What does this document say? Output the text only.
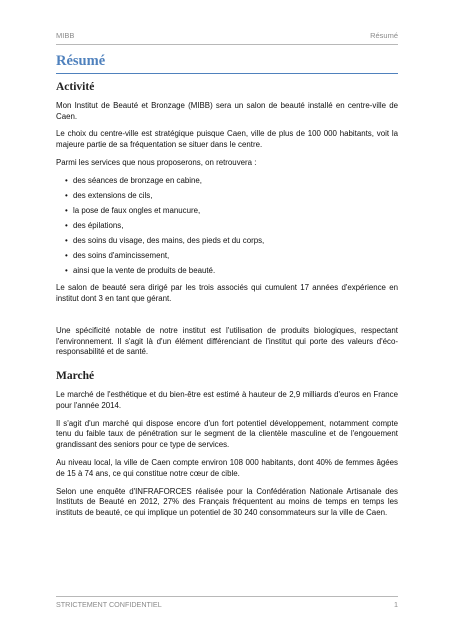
MIBB	Résumé
Résumé
Activité

Mon Institut de Beauté et Bronzage (MIBB) sera un salon de beauté installé en centre-ville de Caen.

Le choix du centre-ville est stratégique puisque Caen, ville de plus de 100 000 habitants, voit la majeure partie de sa fréquentation se situer dans le centre.

Parmi les services que nous proposerons, on retrouvera :

• des séances de bronzage en cabine,
• des extensions de cils,
• la pose de faux ongles et manucure,
• des épilations,
• des soins du visage, des mains, des pieds et du corps,
• des soins d'amincissement,
• ainsi que la vente de produits de beauté.

Le salon de beauté sera dirigé par les trois associés qui cumulent 17 années d'expérience en institut dont 3 en tant que gérant.

Une spécificité notable de notre institut est l'utilisation de produits biologiques, respectant l'environnement. Il s'agit là d'un élément différenciant de l'institut qui porte des valeurs d'éco-responsabilité et de santé.

Marché

Le marché de l'esthétique et du bien-être est estimé à hauteur de 2,9 milliards d'euros en France pour l'année 2014.

Il s'agit d'un marché qui dispose encore d'un fort potentiel développement, notamment compte tenu du faible taux de pénétration sur le segment de la clientèle masculine et de l'engouement grandissant des seniors pour ce type de services.

Au niveau local, la ville de Caen compte environ 108 000 habitants, dont 40% de femmes âgées de 15 à 74 ans, ce qui constitue notre cœur de cible.

Selon une enquête d'INFRAFORCES réalisée pour la Confédération Nationale Artisanale des Instituts de Beauté en 2012, 27% des Français fréquentent au moins de temps en temps les instituts de beauté, ce qui implique un potentiel de 30 240 consommateurs sur la ville de Caen.

STRICTEMENT CONFIDENTIEL	1
